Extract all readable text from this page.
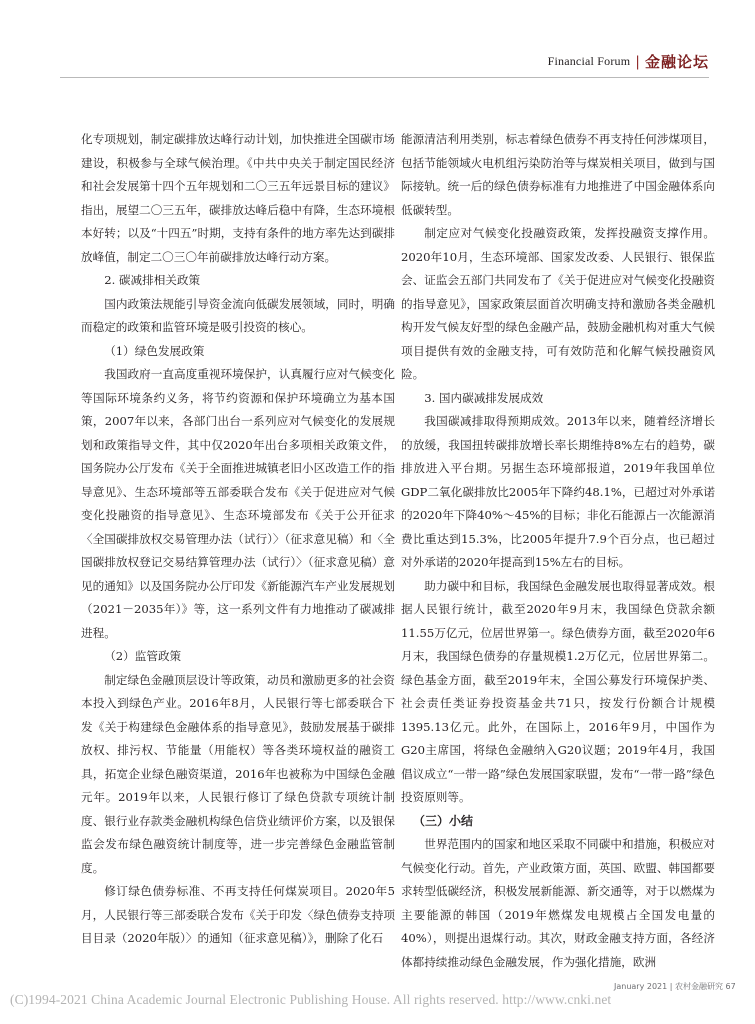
Financial Forum | 金融论坛

化专项规划，制定碳排放达峰行动计划，加快推进全国碳市场建设，积极参与全球气候治理。《中共中央关于制定国民经济和社会发展第十四个五年规划和二〇三五年远景目标的建议》指出，展望二〇三五年，碳排放达峰后稳中有降，生态环境根本好转；以及“十四五”时期，支持有条件的地方率先达到碳排放峰值，制定二〇三〇年前碳排放达峰行动方案。

2. 碳减排相关政策

国内政策法规能引导资金流向低碳发展领域，同时，明确而稳定的政策和监管环境是吸引投资的核心。

（1）绿色发展政策

我国政府一直高度重视环境保护，认真履行应对气候变化等国际环境条约义务，将节约资源和保护环境确立为基本国策，2007年以来，各部门出台一系列应对气候变化的发展规划和政策指导文件，其中仅2020年出台多项相关政策文件，国务院办公厅发布《关于全面推进城镇老旧小区改造工作的指导意见》、生态环境部等五部委联合发布《关于促进应对气候变化投融资的指导意见》、生态环境部发布《关于公开征求〈全国碳排放权交易管理办法（试行）〉（征求意见稿）和〈全国碳排放权登记交易结算管理办法（试行）〉（征求意见稿）意见的通知》以及国务院办公厅印发《新能源汽车产业发展规划（2021－2035年）》等，这一系列文件有力地推动了碳减排进程。

（2）监管政策

制定绿色金融顶层设计等政策，动员和激励更多的社会资本投入到绿色产业。2016年8月，人民银行等七部委联合下发《关于构建绿色金融体系的指导意见》，鼓励发展基于碳排放权、排污权、节能量（用能权）等各类环境权益的融资工具，拓宽企业绿色融资渠道，2016年也被称为中国绿色金融元年。2019年以来，人民银行修订了绿色贷款专项统计制度、银行业存款类金融机构绿色信贷业绩评价方案，以及银保监会发布绿色融资统计制度等，进一步完善绿色金融监管制度。

修订绿色债券标准、不再支持任何煤炭项目。2020年5月，人民银行等三部委联合发布《关于印发〈绿色债券支持项目目录（2020年版）〉的通知（征求意见稿）》，删除了化石

能源清洁利用类别，标志着绿色债券不再支持任何涉煤项目，包括节能领域火电机组污染防治等与煤炭相关项目，做到与国际接轨。统一后的绿色债券标准有力地推进了中国金融体系向低碳转型。

制定应对气候变化投融资政策，发挥投融资支撑作用。2020年10月，生态环境部、国家发改委、人民银行、银保监会、证监会五部门共同发布了《关于促进应对气候变化投融资的指导意见》，国家政策层面首次明确支持和激励各类金融机构开发气候友好型的绿色金融产品，鼓励金融机构对重大气候项目提供有效的金融支持，可有效防范和化解气候投融资风险。

3. 国内碳减排发展成效

我国碳减排取得预期成效。2013年以来，随着经济增长的放缓，我国扭转碳排放增长率长期维持8%左右的趋势，碳排放进入平台期。另据生态环境部报道，2019年我国单位GDP二氧化碳排放比2005年下降约48.1%，已超过对外承诺的2020年下降40%～45%的目标；非化石能源占一次能源消费比重达到15.3%，比2005年提升7.9个百分点，也已超过对外承诺的2020年提高到15%左右的目标。

助力碳中和目标，我国绿色金融发展也取得显著成效。根据人民银行统计，截至2020年9月末，我国绿色贷款余额11.55万亿元，位居世界第一。绿色债券方面，截至2020年6月末，我国绿色债券的存量规模1.2万亿元，位居世界第二。绿色基金方面，截至2019年末，全国公募发行环境保护类、社会责任类证券投资基金共71只，按发行份额合计规模1395.13亿元。此外，在国际上，2016年9月，中国作为G20主席国，将绿色金融纳入G20议题；2019年4月，我国倡议成立“一带一路”绿色发展国家联盟，发布“一带一路”绿色投资原则等。

（三）小结

世界范围内的国家和地区采取不同碳中和措施，积极应对气候变化行动。首先，产业政策方面，英国、欧盟、韩国都要求转型低碳经济，积极发展新能源、新交通等，对于以燃煤为主要能源的韩国（2019年燃煤发电规模占全国发电量的40%），则提出退煤行动。其次，财政金融支持方面，各经济体都持续推动绿色金融发展，作为强化措施，欧洲

January 2021 | 农村金融研究 67
(C)1994-2021 China Academic Journal Electronic Publishing House. All rights reserved. http://www.cnki.net
